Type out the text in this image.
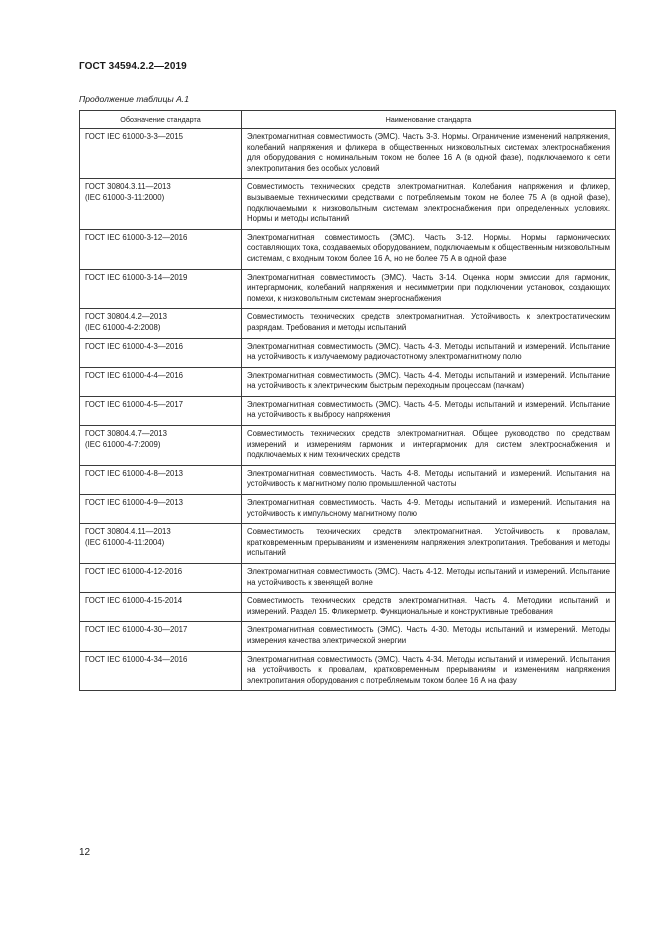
ГОСТ 34594.2.2—2019
Продолжение таблицы А.1
Обозначение стандарта	Наименование стандарта
ГОСТ IEC 61000-3-3—2015	Электромагнитная совместимость (ЭМС). Часть 3-3. Нормы. Ограничение изменений напряжения, колебаний напряжения и фликера в общественных низковольтных системах электроснабжения для оборудования с номинальным током не более 16 А (в одной фазе), подключаемого к сети электропитания без особых условий
ГОСТ 30804.3.11—2013
(IEC 61000-3-11:2000)	Совместимость технических средств электромагнитная. Колебания напряжения и фликер, вызываемые техническими средствами с потребляемым током не более 75 А (в одной фазе), подключаемыми к низковольтным системам электроснабжения при определенных условиях. Нормы и методы испытаний
ГОСТ IEC 61000-3-12—2016	Электромагнитная совместимость (ЭМС). Часть 3-12. Нормы. Нормы гармонических составляющих тока, создаваемых оборудованием, подключаемым к общественным низковольтным системам, с входным током более 16 А, но не более 75 А в одной фазе
ГОСТ IEC 61000-3-14—2019	Электромагнитная совместимость (ЭМС). Часть 3-14. Оценка норм эмиссии для гармоник, интергармоник, колебаний напряжения и несимметрии при подключении установок, создающих помехи, к низковольтным системам энергоснабжения
ГОСТ 30804.4.2—2013
(IEC 61000-4-2:2008)	Совместимость технических средств электромагнитная. Устойчивость к электростатическим разрядам. Требования и методы испытаний
ГОСТ IEC 61000-4-3—2016	Электромагнитная совместимость (ЭМС). Часть 4-3. Методы испытаний и измерений. Испытание на устойчивость к излучаемому радиочастотному электромагнитному полю
ГОСТ IEC 61000-4-4—2016	Электромагнитная совместимость (ЭМС). Часть 4-4. Методы испытаний и измерений. Испытание на устойчивость к электрическим быстрым переходным процессам (пачкам)
ГОСТ IEC 61000-4-5—2017	Электромагнитная совместимость (ЭМС). Часть 4-5. Методы испытаний и измерений. Испытание на устойчивость к выбросу напряжения
ГОСТ 30804.4.7—2013
(IEC 61000-4-7:2009)	Совместимость технических средств электромагнитная. Общее руководство по средствам измерений и измерениям гармоник и интергармоник для систем электроснабжения и подключаемых к ним технических средств
ГОСТ IEC 61000-4-8—2013	Электромагнитная совместимость. Часть 4-8. Методы испытаний и измерений. Испытания на устойчивость к магнитному полю промышленной частоты
ГОСТ IEC 61000-4-9—2013	Электромагнитная совместимость. Часть 4-9. Методы испытаний и измерений. Испытания на устойчивость к импульсному магнитному полю
ГОСТ 30804.4.11—2013
(IEC 61000-4-11:2004)	Совместимость технических средств электромагнитная. Устойчивость к провалам, кратковременным прерываниям и изменениям напряжения электропитания. Требования и методы испытаний
ГОСТ IEC 61000-4-12-2016	Электромагнитная совместимость (ЭМС). Часть 4-12. Методы испытаний и измерений. Испытание на устойчивость к звенящей волне
ГОСТ IEC 61000-4-15-2014	Совместимость технических средств электромагнитная. Часть 4. Методики испытаний и измерений. Раздел 15. Фликерметр. Функциональные и конструктивные требования
ГОСТ IEC 61000-4-30—2017	Электромагнитная совместимость (ЭМС). Часть 4-30. Методы испытаний и измерений. Методы измерения качества электрической энергии
ГОСТ IEC 61000-4-34—2016	Электромагнитная совместимость (ЭМС). Часть 4-34. Методы испытаний и измерений. Испытания на устойчивость к провалам, кратковременным прерываниям и изменениям напряжения электропитания оборудования с потребляемым током более 16 А на фазу
12
